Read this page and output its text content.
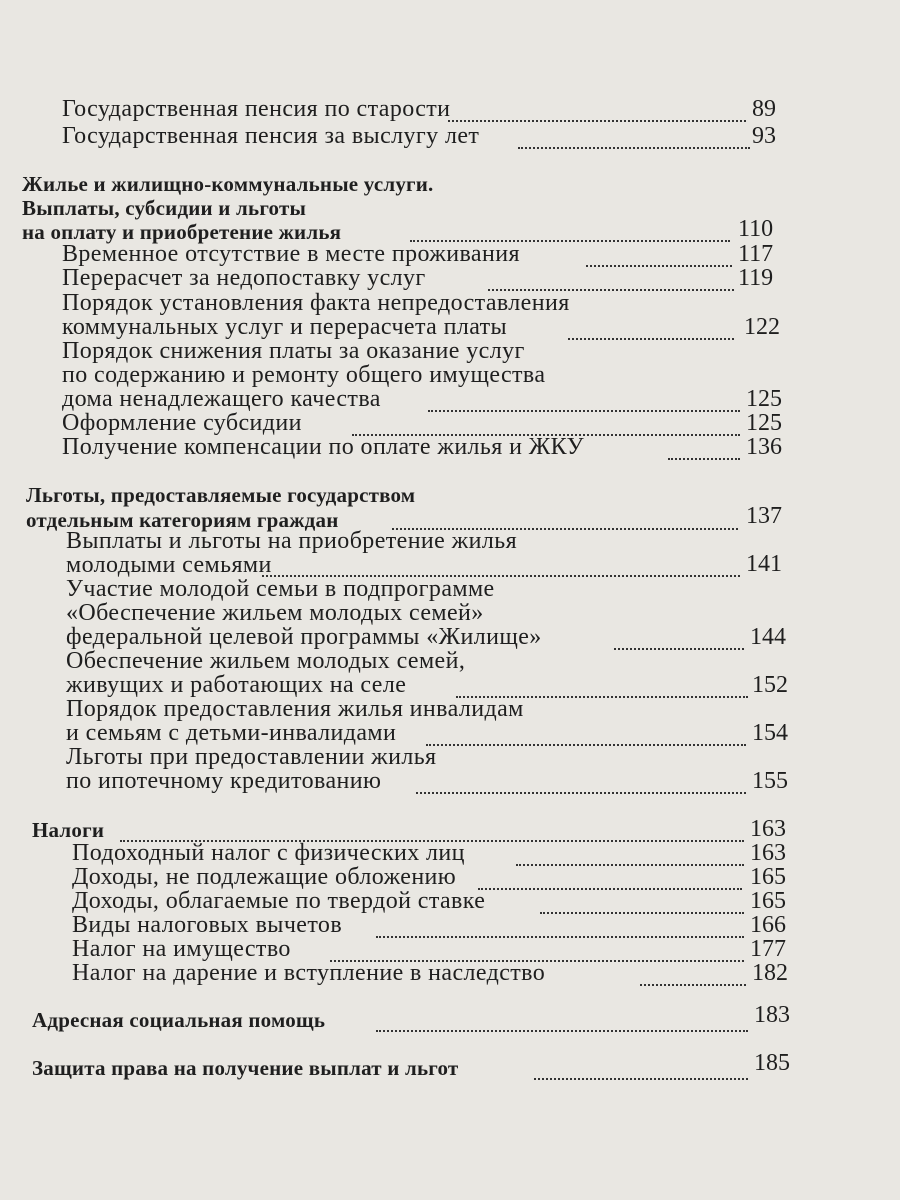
Государственная пенсия по старости	89
Государственная пенсия за выслугу лет	93
Жилье и жилищно-коммунальные услуги.
Выплаты, субсидии и льготы
на оплату и приобретение жилья	110
Временное отсутствие в месте проживания	117
Перерасчет за недопоставку услуг	119
Порядок установления факта непредоставления
коммунальных услуг и перерасчета платы	122
Порядок снижения платы за оказание услуг
по содержанию и ремонту общего имущества
дома ненадлежащего качества	125
Оформление субсидии	125
Получение компенсации по оплате жилья и ЖКУ	136
Льготы, предоставляемые государством
отдельным категориям граждан	137
Выплаты и льготы на приобретение жилья
молодыми семьями	141
Участие молодой семьи в подпрограмме
«Обеспечение жильем молодых семей»
федеральной целевой программы «Жилище»	144
Обеспечение жильем молодых семей,
живущих и работающих на селе	152
Порядок предоставления жилья инвалидам
и семьям с детьми-инвалидами	154
Льготы при предоставлении жилья
по ипотечному кредитованию	155
Налоги	163
Подоходный налог с физических лиц	163
Доходы, не подлежащие обложению	165
Доходы, облагаемые по твердой ставке	165
Виды налоговых вычетов	166
Налог на имущество	177
Налог на дарение и вступление в наследство	182
Адресная социальная помощь	183
Защита права на получение выплат и льгот	185
